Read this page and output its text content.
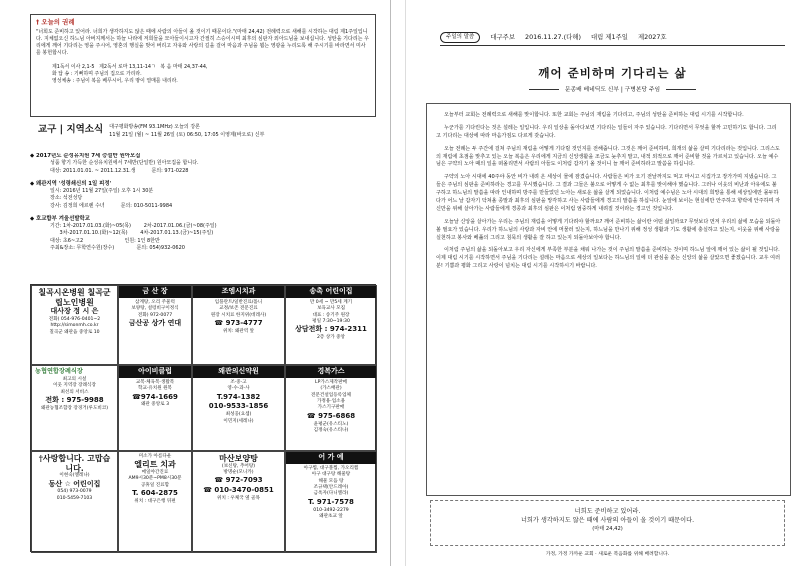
† 오늘의 권례
"너희도 준비하고 있어라. 너희가 생각하지도 않은 때에 사람의 아들이 올 것이기 때문이다."(마태 24,42) 전례력으로 새해를 시작하는 대림 제1주일입니다. 지체없오신 하느님 아버지께서는 하늘 나라에 저희들을 모아들이시고자 간절히 스승이시며 최후의 심판자 외아드님을 보내십니다. 성탄을 기다리는 우리에게 깨어 기다리는 영을 주시어, 영혼의 행실을 벗어 버리고 자유와 사랑의 길을 걸어 마음과 주님을 뵙는 영광을 누리도록 해 주시기를 바라면서 미사를 봉헌합시다.
제1독서 이사 2,1-5   제2독서 로마 13,11-14ㄱ   복 음 마태 24,37-44,
화 답 송 : 기뻐하며 주님의 집으로 가리라.
영성체송 : 주님이 복을 베푸시어, 우리 땅이 열매를 내리라.
교구 | 지역소식 대구평화방송(FM 93.1MHz) 오늘의 강론
11월 21일 (월) ~ 11월 26일 (토) 06:50, 17:05 이영제(바오로) 신부
◆ 2017년도 순성유치원 7세 증설반 원아모집
성품 향기 가득한 순성유치원에서 7세반(단일반) 원아모집을 합니다.
대상: 2011.01.01. ~ 2011.12.31.생          문의: 971-0228
◆ 왜관지역 '성령쇄신의 1일 피정'
일시: 2016년 11월 27일(주일) 오후 1시 30분
장소: 석전성당
강사: 김정희 에르렌 수녀          문의: 010-5011-9984
◆ 호교합부 겨울선발학교
기간: 1차-2017.01.03.(화)~05(목)        2차-2017.01.06.(금)~08(주일)
3차-2017.01.10.(화)~12(목)        4차-2017.01.13.(금)~15(주일)
대상: 초6~고2                          인원: 1인 8한반
주최&장소: 무학연수원(장수)              문의: 054)932-0620
칠곡시온병원 칠곡군립노인병원
대사장 정 시 은
전화) 054-976-0401~2
http://simonmh.co.kr
칠곡군 왜관읍 중앙로 10
금 산 장
삼계탕, 오리 주물럭
보양탕, 설렁비구이정식
전화) 972-0077
금산공 상가 연대
조엠시치과
임플란트/일반진료/틀니
교정/보존 전문진료
원장 시치료 한지위(데레사)
☎ 973-4777
위치: 왜관역 앞
송촉 어린이집
만 0세 ~ 만5세 계기
보육교사 모집
대표 : 송기주 원장
평일 7:30~19:30
상담전화 : 974-2311
2층 상가 중앙
농협연합장례식장
최고의 시설
이웃 지역장 장례식장
최선의 서비스
전화 : 975-9988
왜관농협조합장 장경거(루도비코)
아이비클럽
교복·체육복·생활복
학교·유치원 원복
☎974-1669
왜관 중앙로 3
왜관의신약원
조·중·고
영·수·과·사
T.974-1382
010-9533-1856
최성웅(요셉)
이민지(세레나)
경복가스
LP가스제작판매
(가스배관)
전문건설업등록업체
가정용·업소용
가스기구판매
☎ 975-6868
윤평군(유스티노)
김정숙(유스티나)
†사랑합니다. 고맙습니다.
이현숙(엘레나)
동산 ☆ 어린이집
054) 973-0079
010-5459-7103
미소가 아름다운
엘리트 치과
매일야간진료
AM9시30분~PM8시30분
공휴일 진료함
T. 604-2875
위치 : 대구은행 뒤편
마산보양탕
(보신탕, 추어탕)
방명순(모니카)
☎ 972-7093
☎ 010-3470-0851
위치 : 우체국 옆 골목
어 가 예
아구찜, 대구볼찜, 가오리찜
아구 대구탕 해물탕
해물 모듬 탕
조규택(안드레아)
금옥자(다니엘라)
T. 971-7578
010-3492-2279
왜관초교 앞
주일의 말씀	대구주보 2016.11.27.(다해) 대림 제1주일 제2027호
깨어 준비하며 기다리는 삶
문종배 베네딕도 신부 | 구병본당 주임

오늘부터 교회는 전례력으로 새해를 맞이합니다. 또한 교회는 주님의 재림을 기다리고, 주님의 성탄을 준비하는 대림 시기를 시작합니다.

누군가를 기다린다는 것은 설레는 일입니다. 우리 일상을 돌아다보면 기다리는 일들이 자주 있습니다. 기다리면서 무엇을 할까 고민하기도 합니다. 그리고 기다리는 대상에 따라 마음가짐도 다르게 갖습니다.

오늘 전례는 두 주간에 걸쳐 주님의 재림을 어떻게 기다릴 것인지를 전해줍니다. 그것은 깨어 준비하며, 희개의 삶을 살며 기다리라는 것입니다. 그리스도의 재림에 초점을 맞추고 있는 오늘 복음은 우리에게 지금의 신앙생활을 조금도 늦추지 말고, 내적 외적으로 깨어 준비할 것을 가르치고 있습니다. 오늘 예수님은 구약의 노아 때의 일을 떠올리면서 사람의 아들도 이처럼 갑자기 올 것이니 늘 깨어 준비하라고 말씀을 하십니다.

구약의 노아 시대에 40주야 동안 비가 내려 온 세상이 물에 잠겼습니다. 사람들은 비가 오기 전날까지도 먹고 마시고 시집가고 장가가며 지냈습니다. 그들은 주님의 심판을 준비하라는 경고를 무시했습니다. 그 결과 그들은 불으로 어떻게 수 없는 최후를 맞이해야 했습니다. 그러나 이웃의 비난과 아유에도 불구하고 하느님의 말씀을 따라 인내하며 방주를 만들었던 노아는 새로운 삶을 살게 되었습니다. 이처럼 예수님은 노아 시대의 희망을 통해 세상일에만 몰두하다가 어느 날 갑자기 닥쳐올 종말과 최후의 심판을 망각하고 사는 사람들에게 경고의 말씀을 하십니다. 눈앞에 보이는 현실에만 안주하고 향락에 안주하며 자신만을 위해 살아가는 사람들에게 경종과 최후의 심판은 이처럼 엄중하게 내려질 것이라는 경고인 것입니다.

오늘날 신앙을 살아가는 우리는 주님의 재림을 어떻게 기다려야 할까요? 깨어 준비하는 삶이란 어떤 삶일까요? 무엇보다 먼저 우리의 삶에 모습을 되돌아 볼 필요가 있습니다. 우리가 하느님의 사랑과 자비 안에 머물러 있는지, 하느님을 만나기 위해 정성 생활과 기도 생활에 충실하고 있는지, 이웃을 위해 사랑을 실천하고 봉사와 베풂의 그리고 침묵의 생활을 잘 하고 있는지 되돌아보아야 합니다.

이처럼 주님의 삶을 되돌아보고 우리 자신에게 부족한 부분을 채워 나가는 것이 주님의 말씀을 준비하는 것이며 하느님 앞에 깨어 있는 삶이 될 것입니다. 이제 대림 시기를 시작하면서 주님을 기다리는 설레는 마음으로 세상의 일보다는 하느님의 일에 더 관심을 쏟는 신앙의 삶을 살았으면 좋겠습니다. 교우 여러분! 기쁨과 평화 그리고 사랑이 넘치는 대림 시기를 시작하시기 바랍니다.

너희도 준비하고 있어라.
너희가 생각하지도 않은 때에 사람의 아들이 올 것이기 때문이다.
(마태 24,42)
가정, 가정 가까운 교회 · 새로운 복음화를 위해 배려합니다.
